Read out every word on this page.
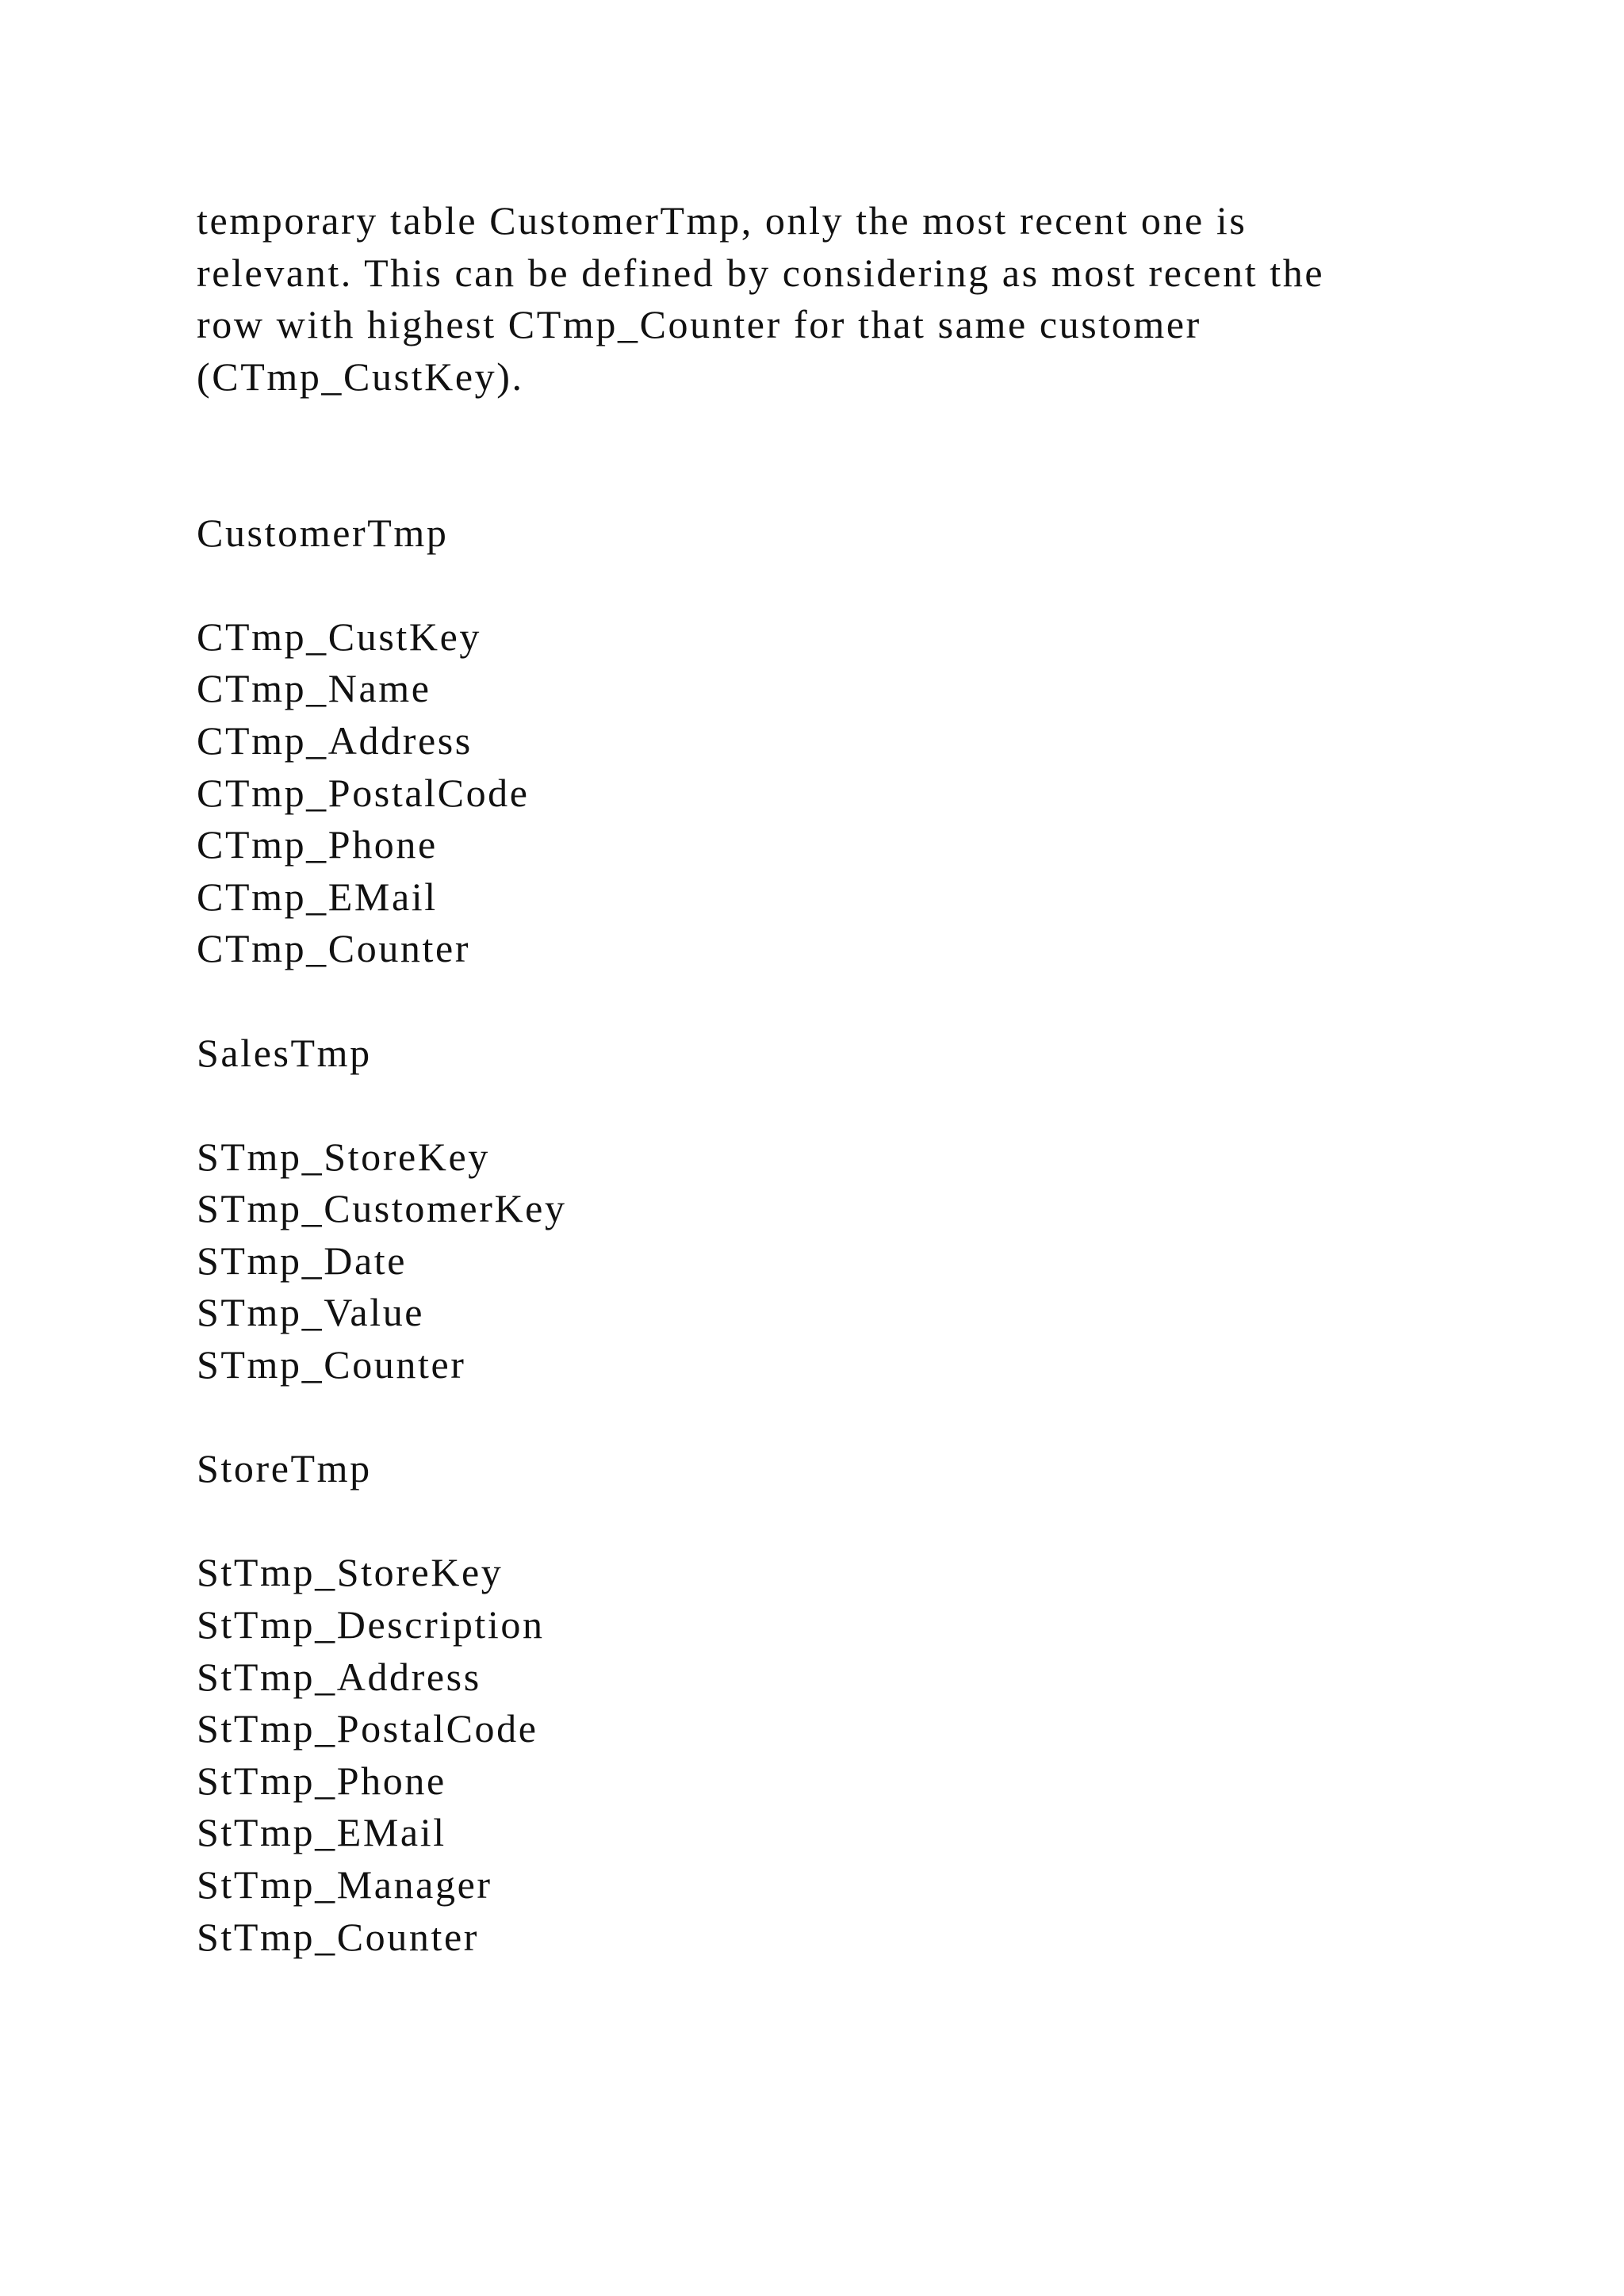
temporary table CustomerTmp, only the most recent one is
relevant. This can be defined by considering as most recent the
row with highest CTmp_Counter for that same customer
(CTmp_CustKey).
CustomerTmp
CTmp_CustKey
CTmp_Name
CTmp_Address
CTmp_PostalCode
CTmp_Phone
CTmp_EMail
CTmp_Counter
SalesTmp
STmp_StoreKey
STmp_CustomerKey
STmp_Date
STmp_Value
STmp_Counter
StoreTmp
StTmp_StoreKey
StTmp_Description
StTmp_Address
StTmp_PostalCode
StTmp_Phone
StTmp_EMail
StTmp_Manager
StTmp_Counter
